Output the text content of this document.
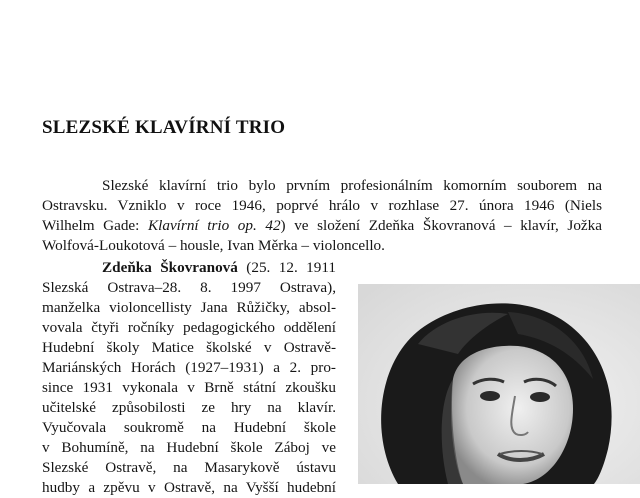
SLEZSKÉ KLAVÍRNÍ TRIO
Slezské klavírní trio bylo prvním profesionálním komorním souborem na
Ostravsku. Vzniklo v roce 1946, poprvé hrálo v rozhlase 27. února 1946 (Niels
Wilhelm Gade: Klavírní trio op. 42) ve složení Zdeňka Škovranová – klavír, Jožka
Wolfová-Loukotová – housle, Ivan Měrka – violoncello.
Zdeňka Škovranová (25. 12. 1911
Slezská Ostrava–28. 8. 1997 Ostrava),
manželka violoncellisty Jana Růžičky, absol-
vovala čtyři ročníky pedagogického oddělení
Hudební školy Matice školské v Ostravě-
Mariánských Horách (1927–1931) a 2. pro-
since 1931 vykonala v Brně státní zkoušku
učitelské způsobilosti ze hry na klavír.
Vyučovala soukromě na Hudební škole
v Bohumíně, na Hudební škole Záboj ve
Slezské Ostravě, na Masarykově ústavu
hudby a zpěvu v Ostravě, na Vyšší hudební
